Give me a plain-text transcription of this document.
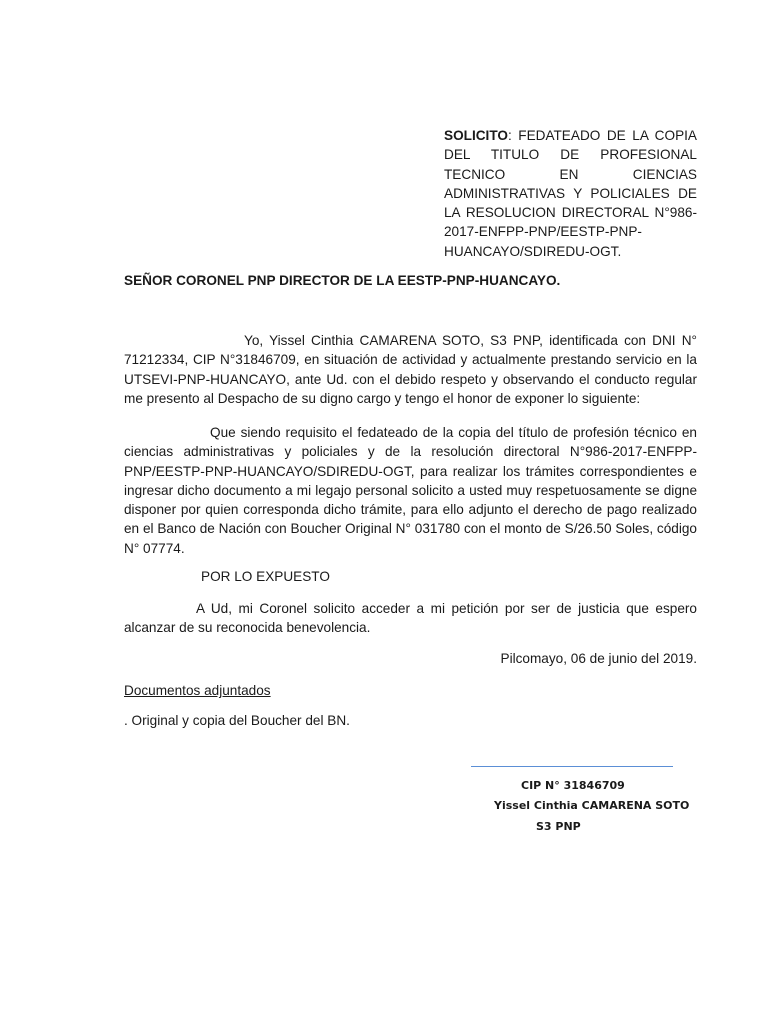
SOLICITO: FEDATEADO DE LA COPIA DEL TITULO DE PROFESIONAL TECNICO EN CIENCIAS ADMINISTRATIVAS Y POLICIALES DE LA RESOLUCION DIRECTORAL N°986-2017-ENFPP-PNP/EESTP-PNP-HUANCAYO/SDIREDU-OGT.
SEÑOR CORONEL PNP DIRECTOR DE LA EESTP-PNP-HUANCAYO.
Yo, Yissel Cinthia CAMARENA SOTO, S3 PNP, identificada con DNI N° 71212334, CIP N°31846709, en situación de actividad y actualmente prestando servicio en la UTSEVI-PNP-HUANCAYO, ante Ud. con el debido respeto y observando el conducto regular me presento al Despacho de su digno cargo y tengo el honor de exponer lo siguiente:
Que siendo requisito el fedateado de la copia del título de profesión técnico en ciencias administrativas y policiales y de la resolución directoral N°986-2017-ENFPP-PNP/EESTP-PNP-HUANCAYO/SDIREDU-OGT, para realizar los trámites correspondientes e ingresar dicho documento a mi legajo personal solicito a usted muy respetuosamente se digne disponer por quien corresponda dicho trámite, para ello adjunto el derecho de pago realizado en el Banco de Nación con Boucher Original N° 031780 con el monto de S/26.50 Soles, código N° 07774.
POR LO EXPUESTO
A Ud, mi Coronel solicito acceder a mi petición por ser de justicia que espero alcanzar de su reconocida benevolencia.
Pilcomayo, 06 de junio del 2019.
Documentos adjuntados
. Original y copia del Boucher del BN.
CIP N° 31846709
Yissel Cinthia CAMARENA SOTO
S3 PNP
